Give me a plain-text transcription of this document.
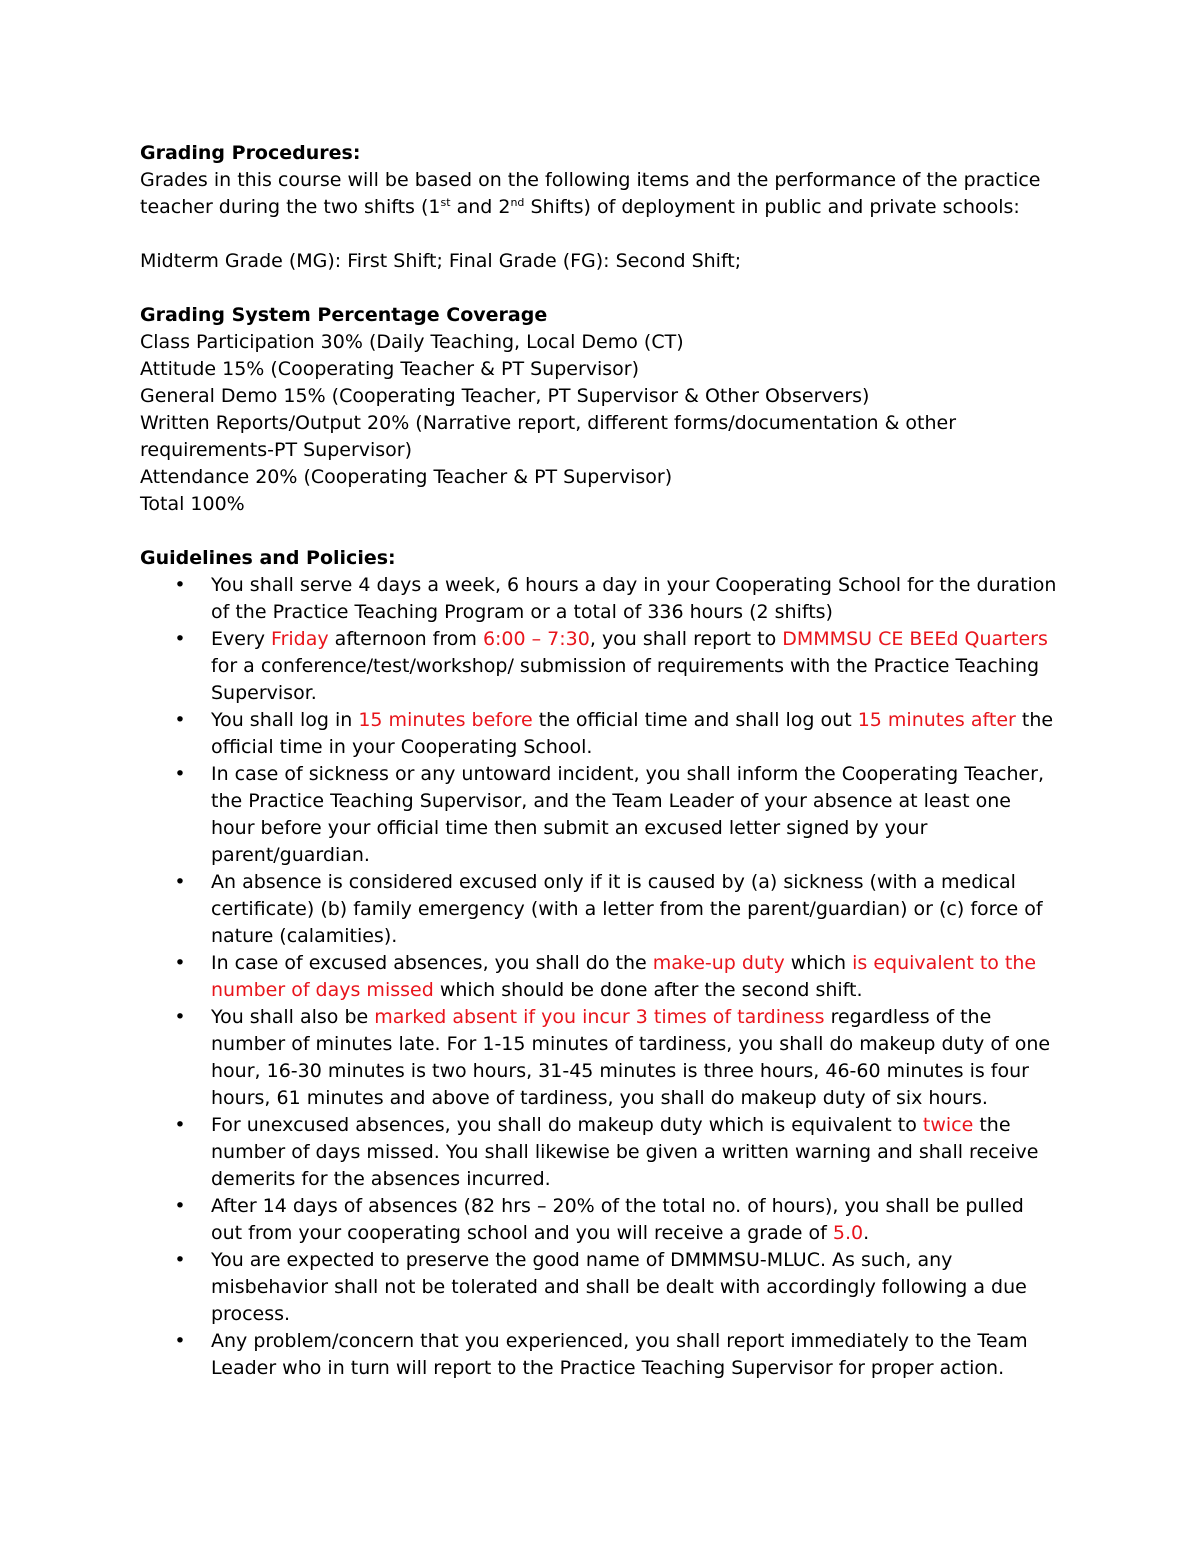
Grading Procedures:

Grades in this course will be based on the following items and the performance of the practice teacher during the two shifts (1st and 2nd Shifts) of deployment in public and private schools:

Midterm Grade (MG): First Shift; Final Grade (FG): Second Shift;

Grading System Percentage Coverage

Class Participation 30% (Daily Teaching, Local Demo (CT)

Attitude 15% (Cooperating Teacher & PT Supervisor)

General Demo 15% (Cooperating Teacher, PT Supervisor & Other Observers)

Written Reports/Output 20% (Narrative report, different forms/documentation & other requirements-PT Supervisor)

Attendance 20% (Cooperating Teacher & PT Supervisor)

Total 100%

Guidelines and Policies:

• You shall serve 4 days a week, 6 hours a day in your Cooperating School for the duration of the Practice Teaching Program or a total of 336 hours (2 shifts)
• Every Friday afternoon from 6:00 – 7:30, you shall report to DMMMSU CE BEEd Quarters for a conference/test/workshop/ submission of requirements with the Practice Teaching Supervisor.
• You shall log in 15 minutes before the official time and shall log out 15 minutes after the official time in your Cooperating School.
• In case of sickness or any untoward incident, you shall inform the Cooperating Teacher, the Practice Teaching Supervisor, and the Team Leader of your absence at least one hour before your official time then submit an excused letter signed by your parent/guardian.
• An absence is considered excused only if it is caused by (a) sickness (with a medical certificate) (b) family emergency (with a letter from the parent/guardian) or (c) force of nature (calamities).
• In case of excused absences, you shall do the make-up duty which is equivalent to the number of days missed which should be done after the second shift.
• You shall also be marked absent if you incur 3 times of tardiness regardless of the number of minutes late. For 1-15 minutes of tardiness, you shall do makeup duty of one hour, 16-30 minutes is two hours, 31-45 minutes is three hours, 46-60 minutes is four hours, 61 minutes and above of tardiness, you shall do makeup duty of six hours.
• For unexcused absences, you shall do makeup duty which is equivalent to twice the number of days missed. You shall likewise be given a written warning and shall receive demerits for the absences incurred.
• After 14 days of absences (82 hrs – 20% of the total no. of hours), you shall be pulled out from your cooperating school and you will receive a grade of 5.0.
• You are expected to preserve the good name of DMMMSU-MLUC. As such, any misbehavior shall not be tolerated and shall be dealt with accordingly following a due process.
• Any problem/concern that you experienced, you shall report immediately to the Team Leader who in turn will report to the Practice Teaching Supervisor for proper action.
